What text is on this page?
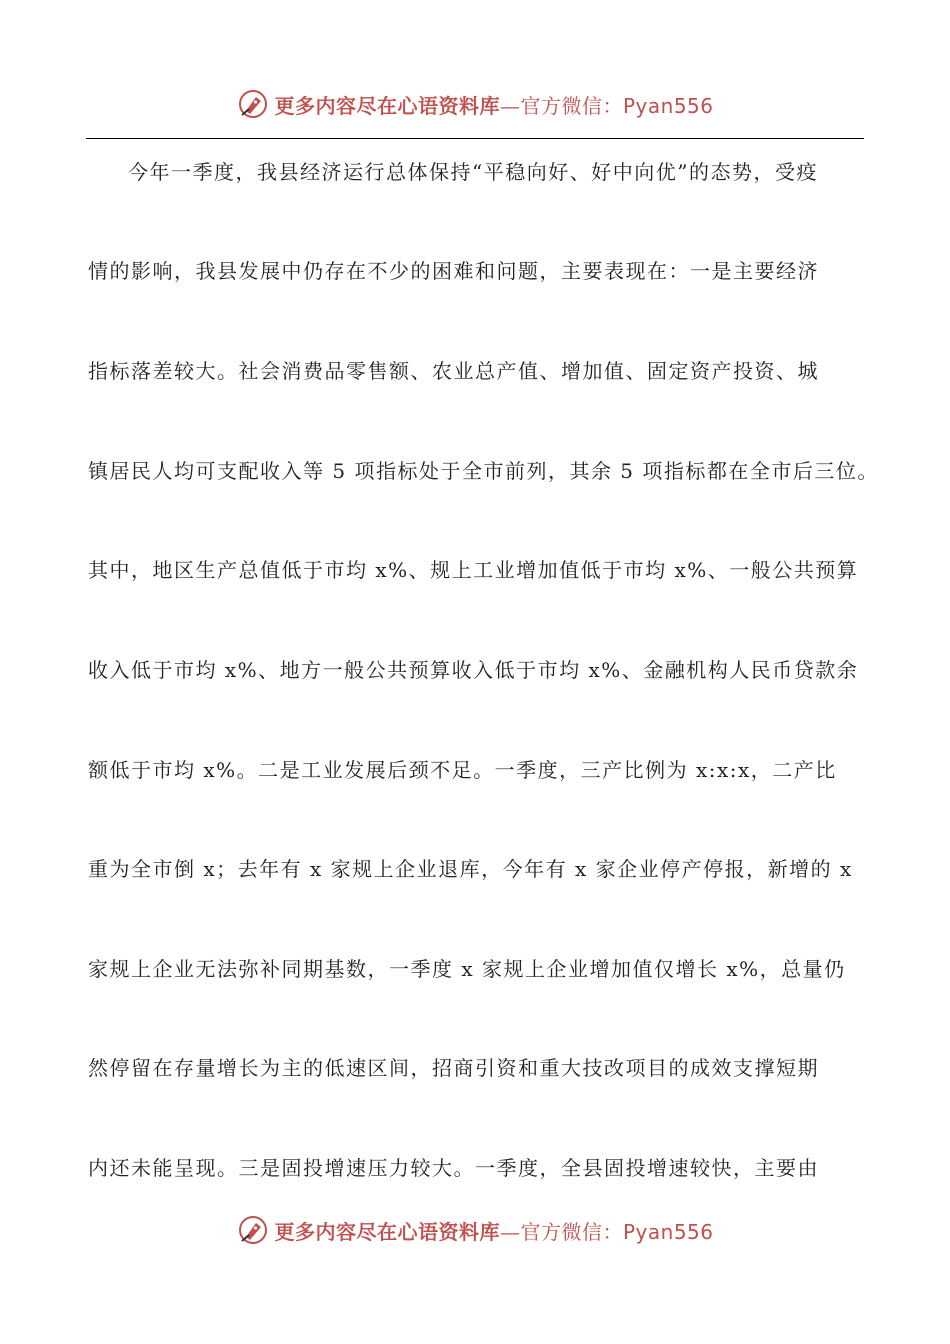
更多内容尽在心语资料库—官方微信：Pyan556
今年一季度，我县经济运行总体保持“平稳向好、好中向优”的态势，受疫
情的影响，我县发展中仍存在不少的困难和问题，主要表现在：一是主要经济
指标落差较大。社会消费品零售额、农业总产值、增加值、固定资产投资、城
镇居民人均可支配收入等 5 项指标处于全市前列，其余 5 项指标都在全市后三位。
其中，地区生产总值低于市均 x%、规上工业增加值低于市均 x%、一般公共预算
收入低于市均 x%、地方一般公共预算收入低于市均 x%、金融机构人民币贷款余
额低于市均 x%。二是工业发展后颈不足。一季度，三产比例为 x:x:x，二产比
重为全市倒 x；去年有 x 家规上企业退库，今年有 x 家企业停产停报，新增的 x
家规上企业无法弥补同期基数，一季度 x 家规上企业增加值仅增长 x%，总量仍
然停留在存量增长为主的低速区间，招商引资和重大技改项目的成效支撑短期
内还未能呈现。三是固投增速压力较大。一季度，全县固投增速较快，主要由
更多内容尽在心语资料库—官方微信：Pyan556
